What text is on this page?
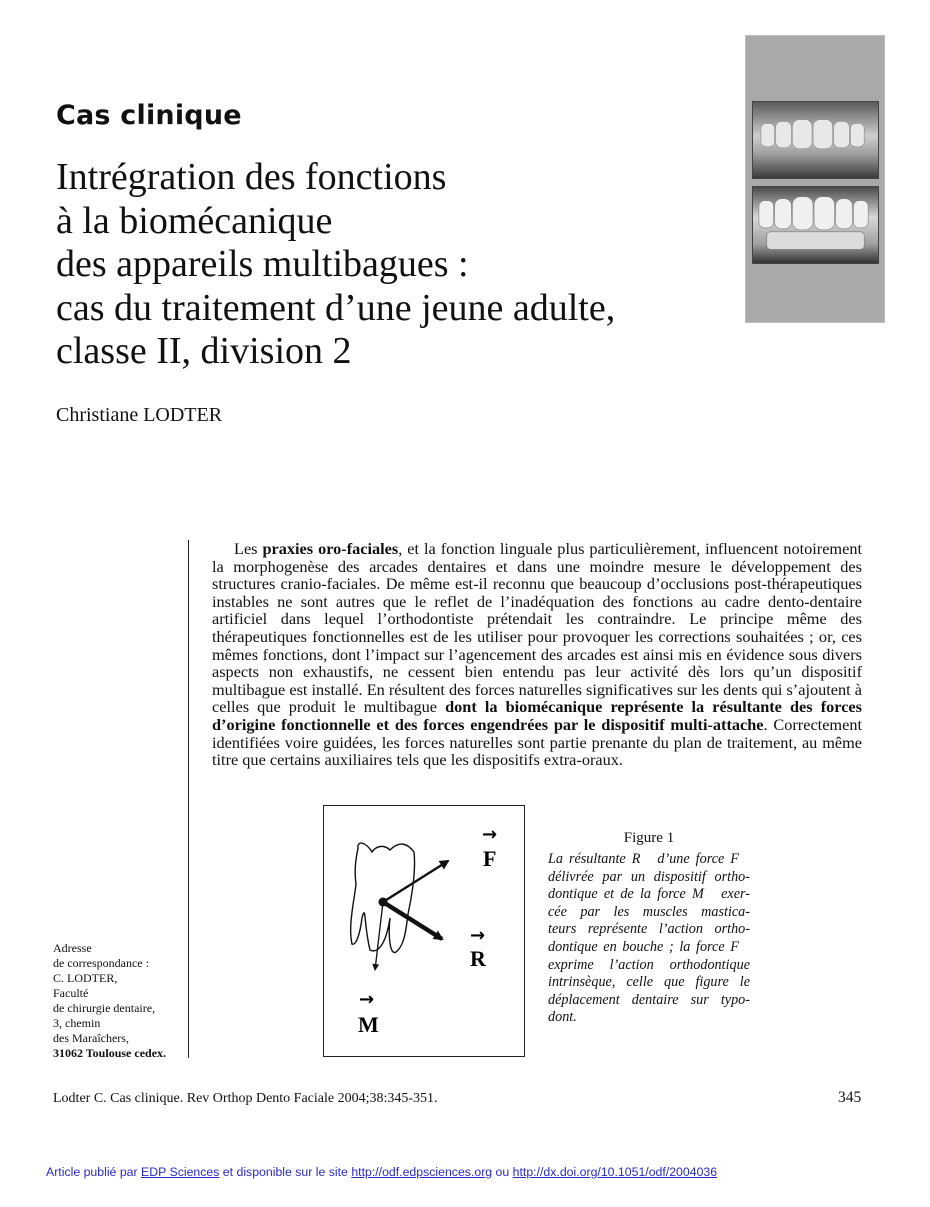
Cas clinique
Intrégration des fonctions
à la biomécanique
des appareils multibagues :
cas du traitement d’une jeune adulte,
classe II, division 2
Christiane LODTER

Les praxies oro-faciales, et la fonction linguale plus particulièrement, influencent notoirement la morphogenèse des arcades dentaires et dans une moindre mesure le développement des structures cranio-faciales. De même est-il reconnu que beaucoup d’occlusions post-thérapeutiques instables ne sont autres que le reflet de l’inadéquation des fonctions au cadre dento-dentaire artificiel dans lequel l’orthodontiste prétendait les contraindre. Le principe même des thérapeutiques fonctionnelles est de les utiliser pour provoquer les corrections souhaitées ; or, ces mêmes fonctions, dont l’impact sur l’agencement des arcades est ainsi mis en évidence sous divers aspects non exhaustifs, ne cessent bien entendu pas leur activité dès lors qu’un dispositif multibague est installé. En résultent des forces naturelles significatives sur les dents qui s’ajoutent à celles que produit le multibague dont la biomécanique représente la résultante des forces d’origine fonctionnelle et des forces engendrées par le dispositif multi-attache. Correctement identifiées voire guidées, les forces naturelles sont partie prenante du plan de traitement, au même titre que certains auxiliaires tels que les dispositifs extra-oraux.

Adresse
de correspondance :
C. LODTER,
Faculté
de chirurgie dentaire,
3, chemin
des Maraîchers,
31062 Toulouse cedex.
→
F
→
R
→
M
Figure 1
La résultante R⃗ d’une force F⃗
délivrée par un dispositif ortho-
dontique et de la force M⃗ exer-
cée par les muscles mastica-
teurs représente l’action ortho-
dontique en bouche ; la force F⃗
exprime l’action orthodontique
intrinsèque, celle que figure le
déplacement dentaire sur typo-
dont.
Lodter C. Cas clinique. Rev Orthop Dento Faciale 2004;38:345-351.	345
Article publié par EDP Sciences et disponible sur le site http://odf.edpsciences.org ou http://dx.doi.org/10.1051/odf/2004036
